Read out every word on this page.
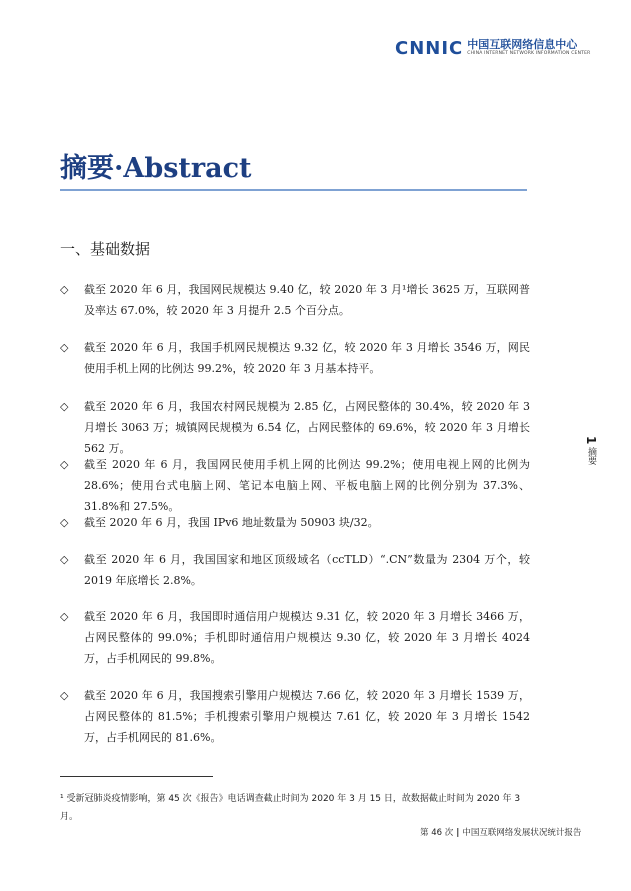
CNNIC 中国互联网络信息中心
CHINA INTERNET NETWORK INFORMATION CENTER
摘要·Abstract
一、基础数据
◇	截至 2020 年 6 月，我国网民规模达 9.40 亿，较 2020 年 3 月¹增长 3625 万，互联网普及率达 67.0%，较 2020 年 3 月提升 2.5 个百分点。
◇	截至 2020 年 6 月，我国手机网民规模达 9.32 亿，较 2020 年 3 月增长 3546 万，网民使用手机上网的比例达 99.2%，较 2020 年 3 月基本持平。
◇	截至 2020 年 6 月，我国农村网民规模为 2.85 亿，占网民整体的 30.4%，较 2020 年 3 月增长 3063 万；城镇网民规模为 6.54 亿，占网民整体的 69.6%，较 2020 年 3 月增长 562 万。
◇	截至 2020 年 6 月，我国网民使用手机上网的比例达 99.2%；使用电视上网的比例为 28.6%；使用台式电脑上网、笔记本电脑上网、平板电脑上网的比例分别为 37.3%、31.8%和 27.5%。
◇	截至 2020 年 6 月，我国 IPv6 地址数量为 50903 块/32。
◇	截至 2020 年 6 月，我国国家和地区顶级域名（ccTLD）“.CN”数量为 2304 万个，较 2019 年底增长 2.8%。
◇	截至 2020 年 6 月，我国即时通信用户规模达 9.31 亿，较 2020 年 3 月增长 3466 万，占网民整体的 99.0%；手机即时通信用户规模达 9.30 亿，较 2020 年 3 月增长 4024 万，占手机网民的 99.8%。
◇	截至 2020 年 6 月，我国搜索引擎用户规模达 7.66 亿，较 2020 年 3 月增长 1539 万，占网民整体的 81.5%；手机搜索引擎用户规模达 7.61 亿，较 2020 年 3 月增长 1542 万，占手机网民的 81.6%。
1 摘要
¹ 受新冠肺炎疫情影响，第 45 次《报告》电话调查截止时间为 2020 年 3 月 15 日，故数据截止时间为 2020 年 3 月。
第 46 次 | 中国互联网络发展状况统计报告
